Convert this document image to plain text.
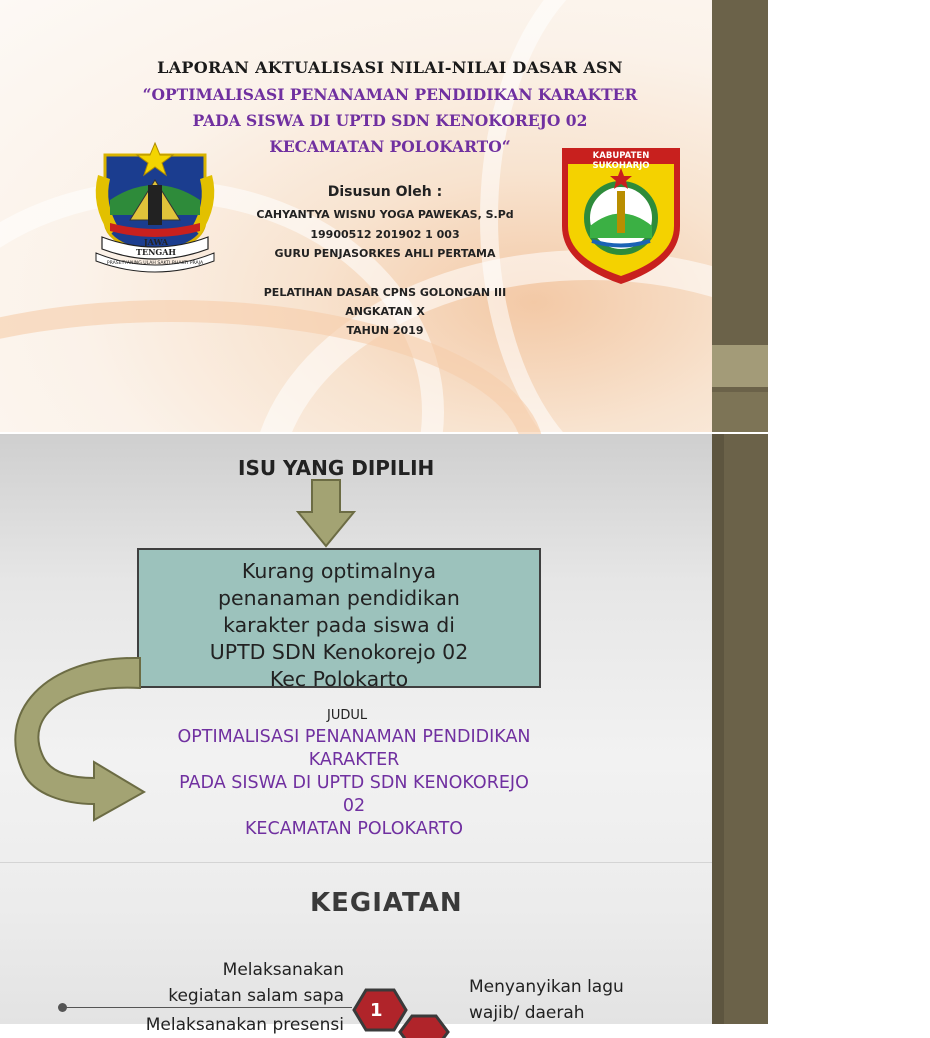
LAPORAN AKTUALISASI NILAI-NILAI DASAR ASN
“OPTIMALISASI PENANAMAN PENDIDIKAN KARAKTER
PADA SISWA DI UPTD SDN KENOKOREJO 02
KECAMATAN POLOKARTO“
JAWA TENGAH
PRASETYANING ULAH SAKTI BHAKTI PRAJA
KABUPATEN SUKOHARJO
Disusun Oleh :
CAHYANTYA WISNU YOGA PAWEKAS, S.Pd
19900512 201902 1 003
GURU PENJASORKES AHLI PERTAMA
PELATIHAN DASAR CPNS GOLONGAN III
ANGKATAN X
TAHUN 2019
ISU YANG DIPILIH
Kurang optimalnya
penanaman pendidikan
karakter pada siswa di
UPTD SDN Kenokorejo 02
Kec Polokarto
JUDUL
OPTIMALISASI PENANAMAN PENDIDIKAN
KARAKTER
PADA SISWA DI UPTD SDN KENOKOREJO
02
KECAMATAN POLOKARTO
KEGIATAN
Melaksanakan
kegiatan salam sapa
Melaksanakan presensi
1
Menyanyikan lagu
wajib/ daerah
